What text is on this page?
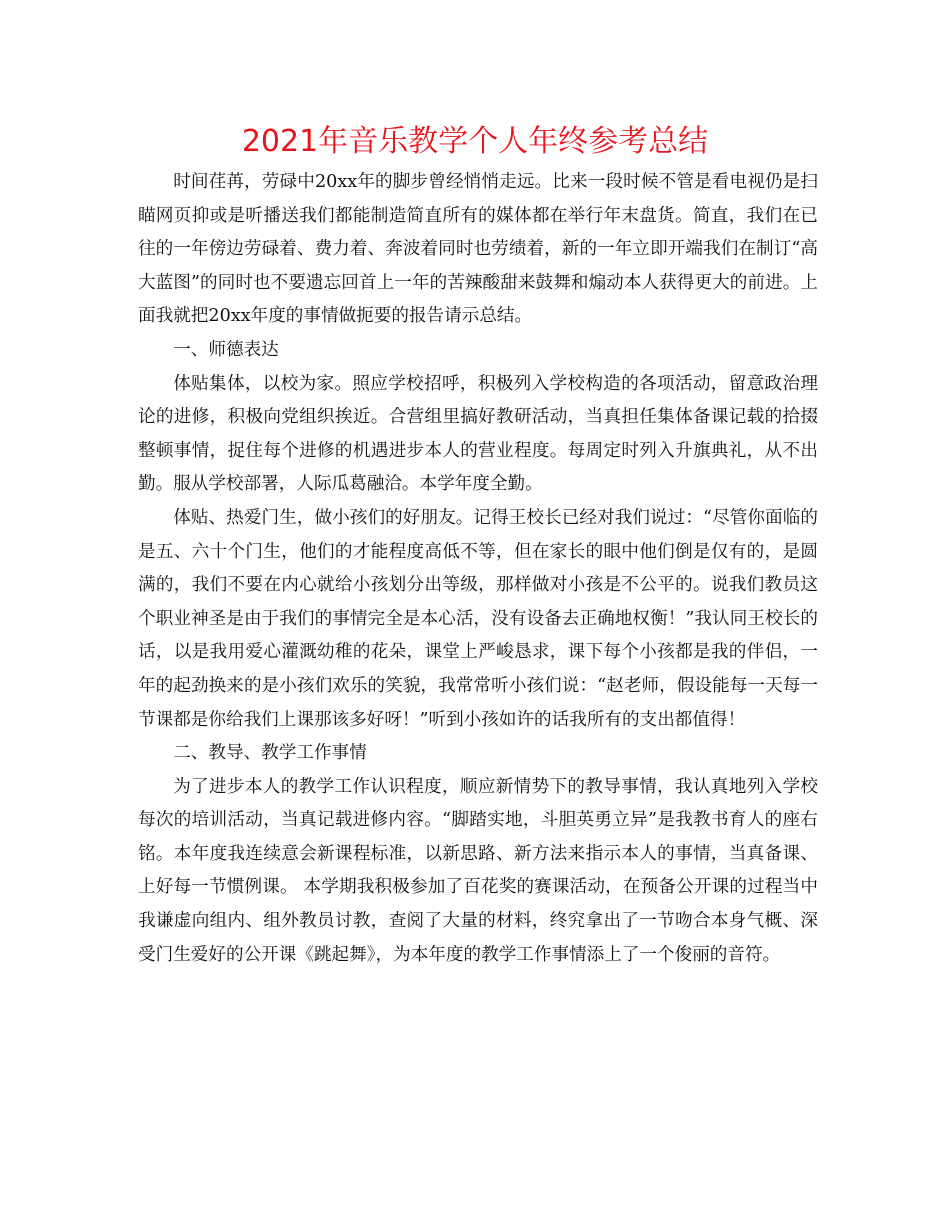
2021年音乐教学个人年终参考总结

时间荏苒，劳碌中20xx年的脚步曾经悄悄走远。比来一段时候不管是看电视仍是扫瞄网页抑或是听播送我们都能制造简直所有的媒体都在举行年末盘货。简直，我们在已往的一年傍边劳碌着、费力着、奔波着同时也劳绩着，新的一年立即开端我们在制订“高大蓝图”的同时也不要遗忘回首上一年的苦辣酸甜来鼓舞和煽动本人获得更大的前进。上面我就把20xx年度的事情做扼要的报告请示总结。

一、师德表达

体贴集体，以校为家。照应学校招呼，积极列入学校构造的各项活动，留意政治理论的进修，积极向党组织挨近。合营组里搞好教研活动，当真担任集体备课记载的拾掇整顿事情，捉住每个进修的机遇进步本人的营业程度。每周定时列入升旗典礼，从不出勤。服从学校部署，人际瓜葛融洽。本学年度全勤。

体贴、热爱门生，做小孩们的好朋友。记得王校长已经对我们说过：“尽管你面临的是五、六十个门生，他们的才能程度高低不等，但在家长的眼中他们倒是仅有的，是圆满的，我们不要在内心就给小孩划分出等级，那样做对小孩是不公平的。说我们教员这个职业神圣是由于我们的事情完全是本心活，没有设备去正确地权衡！”我认同王校长的话，以是我用爱心灌溉幼稚的花朵，课堂上严峻恳求，课下每个小孩都是我的伴侣，一年的起劲换来的是小孩们欢乐的笑貌，我常常听小孩们说：“赵老师，假设能每一天每一节课都是你给我们上课那该多好呀！”听到小孩如许的话我所有的支出都值得！

二、教导、教学工作事情

为了进步本人的教学工作认识程度，顺应新情势下的教导事情，我认真地列入学校每次的培训活动，当真记载进修内容。“脚踏实地，斗胆英勇立异”是我教书育人的座右铭。本年度我连续意会新课程标准，以新思路、新方法来指示本人的事情，当真备课、上好每一节惯例课。 本学期我积极参加了百花奖的赛课活动，在预备公开课的过程当中我谦虚向组内、组外教员讨教，查阅了大量的材料，终究拿出了一节吻合本身气概、深受门生爱好的公开课《跳起舞》，为本年度的教学工作事情添上了一个俊丽的音符。
